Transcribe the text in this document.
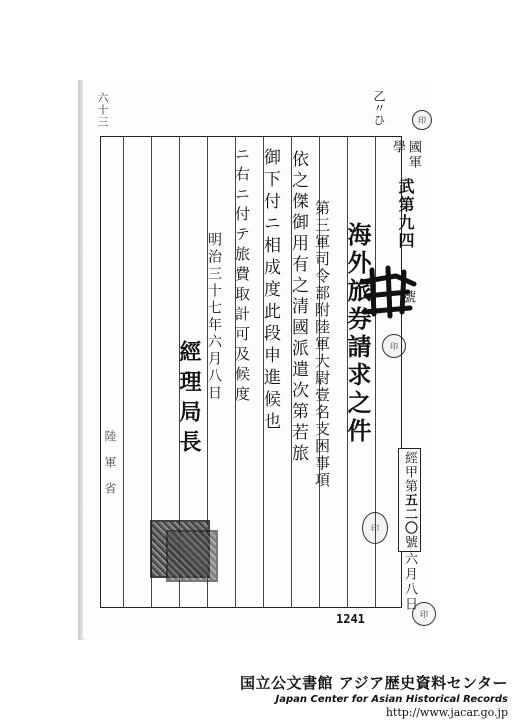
六十三	乙〃ひ	印
國軍
學
武第九四
號
印
海外旅券請求之件
第三軍司令部附陸軍大尉壹名支困事項
依之傑御用有之清國派遣次第若旅
御下付ニ相成度此段申進候也
ニ右ニ付テ旅費取計可及候度
明治三十七年六月八日
經理局長
陸軍省	經甲第五二〇號
六月八日
印
印
1241
国立公文書館 アジア歴史資料センター
Japan Center for Asian Historical Records
http://www.jacar.go.jp
